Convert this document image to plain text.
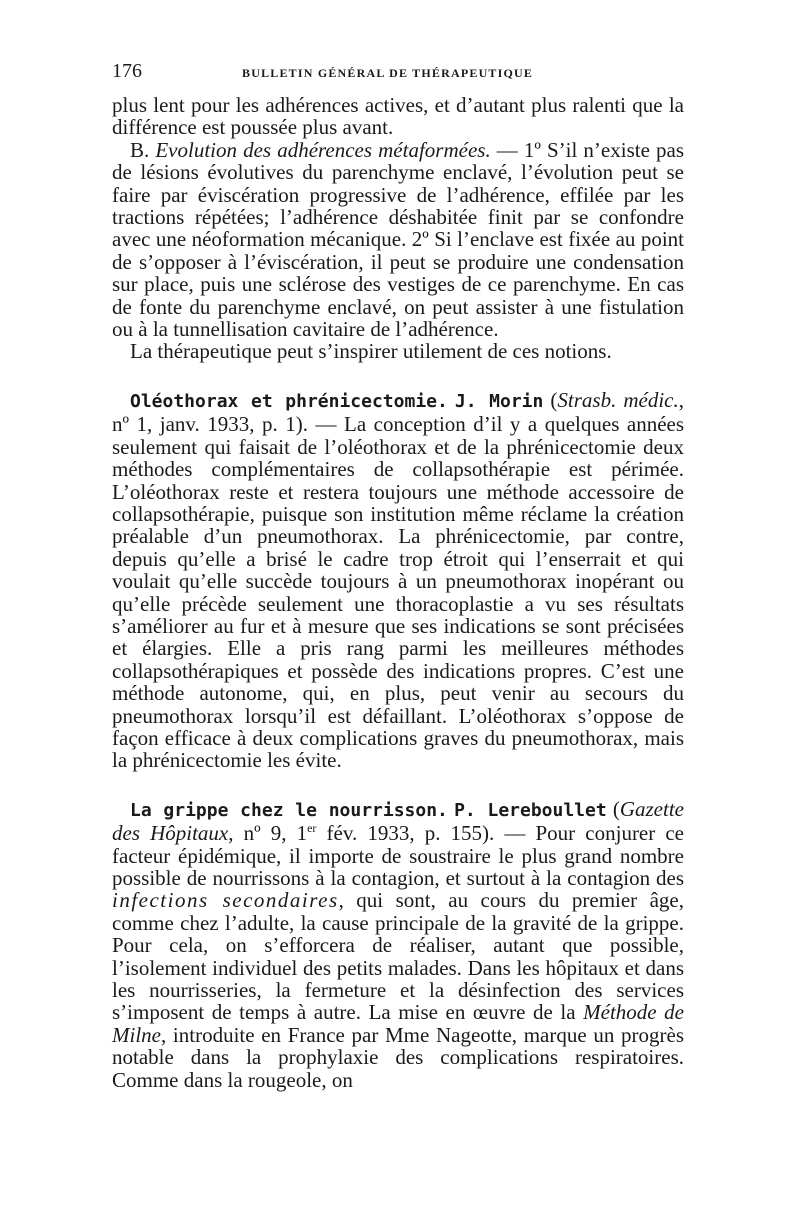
176	BULLETIN GÉNÉRAL DE THÉRAPEUTIQUE

plus lent pour les adhérences actives, et d’autant plus ralenti que la différence est poussée plus avant.

B. Evolution des adhérences métaformées. — 1º S’il n’existe pas de lésions évolutives du parenchyme enclavé, l’évolution peut se faire par éviscération progressive de l’adhérence, effilée par les tractions répétées; l’adhérence déshabitée finit par se confondre avec une néoformation mécanique. 2º Si l’enclave est fixée au point de s’opposer à l’éviscération, il peut se produire une condensation sur place, puis une sclérose des vestiges de ce parenchyme. En cas de fonte du parenchyme enclavé, on peut assister à une fistulation ou à la tunnellisation cavitaire de l’adhérence.

La thérapeutique peut s’inspirer utilement de ces notions.

Oléothorax et phrénicectomie. J. Morin (Strasb. médic., nº 1, janv. 1933, p. 1). — La conception d’il y a quelques années seulement qui faisait de l’oléothorax et de la phrénicectomie deux méthodes complémentaires de collapsothérapie est périmée. L’oléothorax reste et restera toujours une méthode accessoire de collapsothérapie, puisque son institution même réclame la création préalable d’un pneumothorax. La phrénicectomie, par contre, depuis qu’elle a brisé le cadre trop étroit qui l’enserrait et qui voulait qu’elle succède toujours à un pneumothorax inopérant ou qu’elle précède seulement une thoracoplastie a vu ses résultats s’améliorer au fur et à mesure que ses indications se sont précisées et élargies. Elle a pris rang parmi les meilleures méthodes collapsothérapiques et possède des indications propres. C’est une méthode autonome, qui, en plus, peut venir au secours du pneumothorax lorsqu’il est défaillant. L’oléothorax s’oppose de façon efficace à deux complications graves du pneumothorax, mais la phrénicectomie les évite.

La grippe chez le nourrisson. P. Lereboullet (Gazette des Hôpitaux, nº 9, 1er fév. 1933, p. 155). — Pour conjurer ce facteur épidémique, il importe de soustraire le plus grand nombre possible de nourrissons à la contagion, et surtout à la contagion des infections secondaires, qui sont, au cours du premier âge, comme chez l’adulte, la cause principale de la gravité de la grippe. Pour cela, on s’efforcera de réaliser, autant que possible, l’isolement individuel des petits malades. Dans les hôpitaux et dans les nourrisseries, la fermeture et la désinfection des services s’imposent de temps à autre. La mise en œuvre de la Méthode de Milne, introduite en France par Mme Nageotte, marque un progrès notable dans la prophylaxie des complications respiratoires. Comme dans la rougeole, on
